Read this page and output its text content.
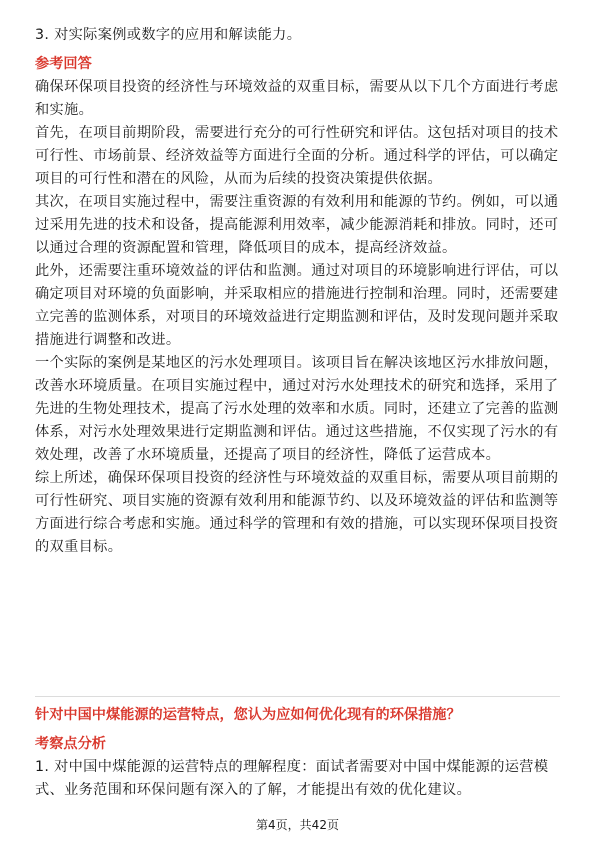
3. 对实际案例或数字的应用和解读能力。
参考回答
确保环保项目投资的经济性与环境效益的双重目标，需要从以下几个方面进行考虑
和实施。
首先，在项目前期阶段，需要进行充分的可行性研究和评估。这包括对项目的技术
可行性、市场前景、经济效益等方面进行全面的分析。通过科学的评估，可以确定
项目的可行性和潜在的风险，从而为后续的投资决策提供依据。
其次，在项目实施过程中，需要注重资源的有效利用和能源的节约。例如，可以通
过采用先进的技术和设备，提高能源利用效率，减少能源消耗和排放。同时，还可
以通过合理的资源配置和管理，降低项目的成本，提高经济效益。
此外，还需要注重环境效益的评估和监测。通过对项目的环境影响进行评估，可以
确定项目对环境的负面影响，并采取相应的措施进行控制和治理。同时，还需要建
立完善的监测体系，对项目的环境效益进行定期监测和评估，及时发现问题并采取
措施进行调整和改进。
一个实际的案例是某地区的污水处理项目。该项目旨在解决该地区污水排放问题，
改善水环境质量。在项目实施过程中，通过对污水处理技术的研究和选择，采用了
先进的生物处理技术，提高了污水处理的效率和水质。同时，还建立了完善的监测
体系，对污水处理效果进行定期监测和评估。通过这些措施，不仅实现了污水的有
效处理，改善了水环境质量，还提高了项目的经济性，降低了运营成本。
综上所述，确保环保项目投资的经济性与环境效益的双重目标，需要从项目前期的
可行性研究、项目实施的资源有效利用和能源节约、以及环境效益的评估和监测等
方面进行综合考虑和实施。通过科学的管理和有效的措施，可以实现环保项目投资
的双重目标。
针对中国中煤能源的运营特点，您认为应如何优化现有的环保措施？
考察点分析
1. 对中国中煤能源的运营特点的理解程度：面试者需要对中国中煤能源的运营模
式、业务范围和环保问题有深入的了解，才能提出有效的优化建议。
第4页，共42页
